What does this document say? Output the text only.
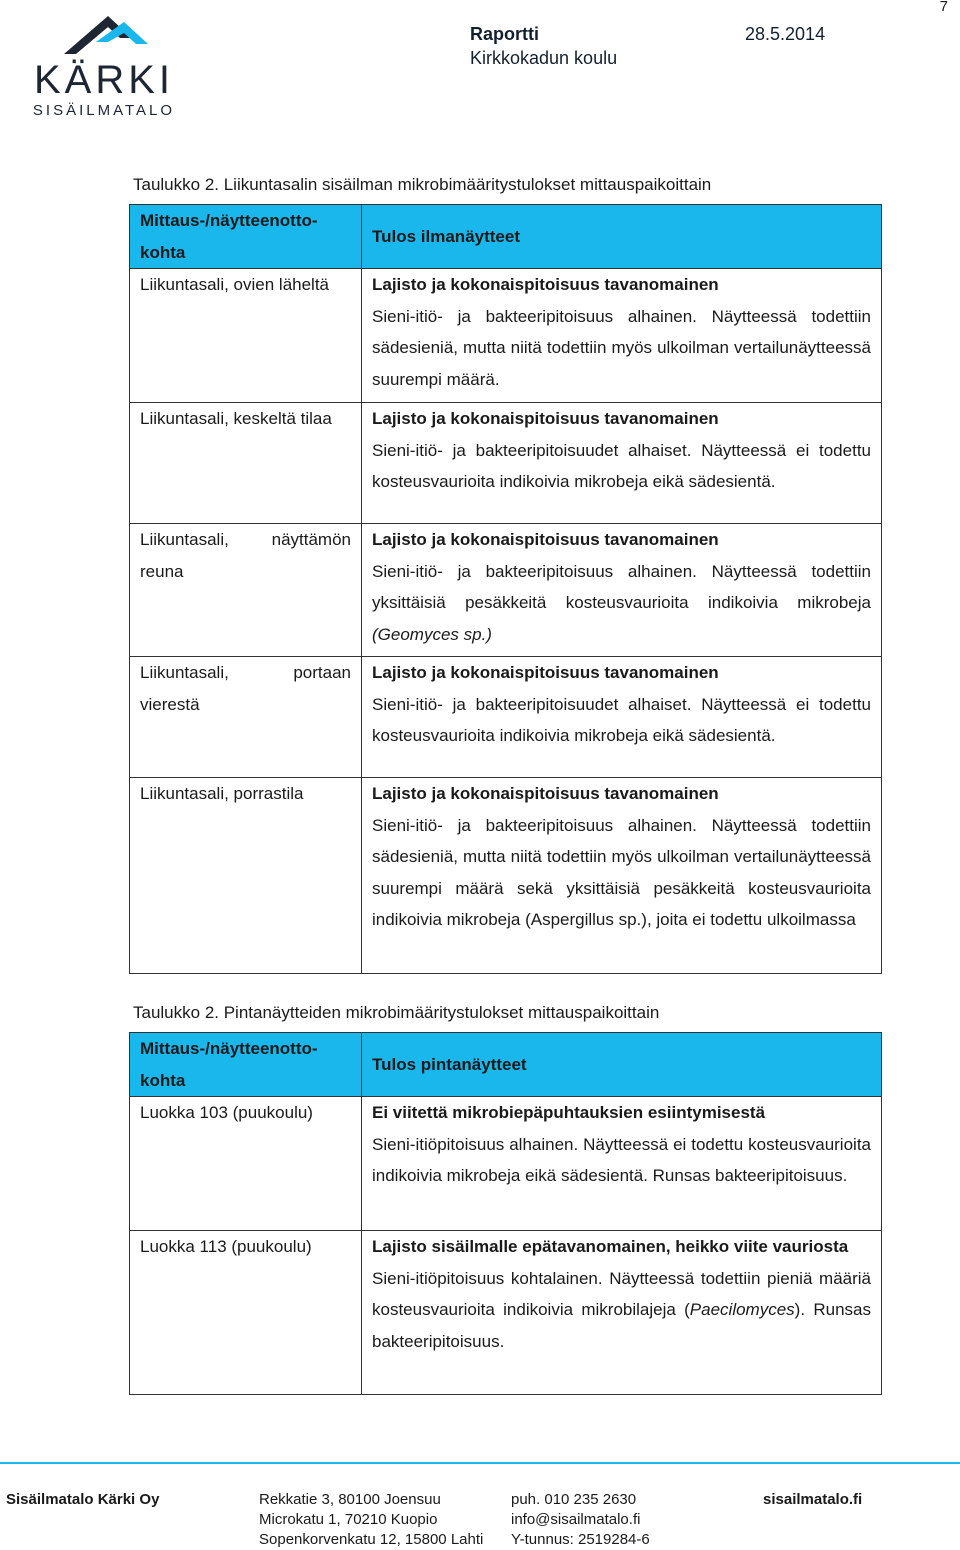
7
KÄRKI
SISÄILMATALO
Raportti	28.5.2014
Kirkkokadun koulu
Taulukko 2. Liikuntasalin sisäilman mikrobimääritystulokset mittauspaikoittain
Mittaus-/näytteenotto-kohta	Tulos ilmanäytteet
Liikuntasali, ovien läheltä	Lajisto ja kokonaispitoisuus tavanomainen
Sieni-itiö- ja bakteeripitoisuus alhainen. Näytteessä todettiin sädesieniä, mutta niitä todettiin myös ulkoilman vertailunäytteessä suurempi määrä.

Liikuntasali, keskeltä tilaa	Lajisto ja kokonaispitoisuus tavanomainen
Sieni-itiö- ja bakteeripitoisuudet alhaiset. Näytteessä ei todettu kosteusvaurioita indikoivia mikrobeja eikä sädesientä.

Liikuntasali, näyttämön reuna	Lajisto ja kokonaispitoisuus tavanomainen
Sieni-itiö- ja bakteeripitoisuus alhainen. Näytteessä todettiin yksittäisiä pesäkkeitä kosteusvaurioita indikoivia mikrobeja (Geomyces sp.)

Liikuntasali, portaan vierestä	Lajisto ja kokonaispitoisuus tavanomainen
Sieni-itiö- ja bakteeripitoisuudet alhaiset. Näytteessä ei todettu kosteusvaurioita indikoivia mikrobeja eikä sädesientä.

Liikuntasali, porrastila	Lajisto ja kokonaispitoisuus tavanomainen
Sieni-itiö- ja bakteeripitoisuus alhainen. Näytteessä todettiin sädesieniä, mutta niitä todettiin myös ulkoilman vertailunäytteessä suurempi määrä sekä yksittäisiä pesäkkeitä kosteusvaurioita indikoivia mikrobeja (Aspergillus sp.), joita ei todettu ulkoilmassa
Taulukko 2. Pintanäytteiden mikrobimääritystulokset mittauspaikoittain
Mittaus-/näytteenotto-kohta	Tulos pintanäytteet
Luokka 103 (puukoulu)	Ei viitettä mikrobiepäpuhtauksien esiintymisestä
Sieni-itiöpitoisuus alhainen. Näytteessä ei todettu kosteusvaurioita indikoivia mikrobeja eikä sädesientä. Runsas bakteeripitoisuus.

Luokka 113 (puukoulu)	Lajisto sisäilmalle epätavanomainen, heikko viite vauriosta
Sieni-itiöpitoisuus kohtalainen. Näytteessä todettiin pieniä määriä kosteusvaurioita indikoivia mikrobilajeja (Paecilomyces). Runsas bakteeripitoisuus.
Sisäilmatalo Kärki Oy	Rekkatie 3, 80100 Joensuu
Microkatu 1, 70210 Kuopio
Sopenkorvenkatu 12, 15800 Lahti
puh. 010 235 2630
info@sisailmatalo.fi
Y-tunnus: 2519284-6
sisailmatalo.fi
